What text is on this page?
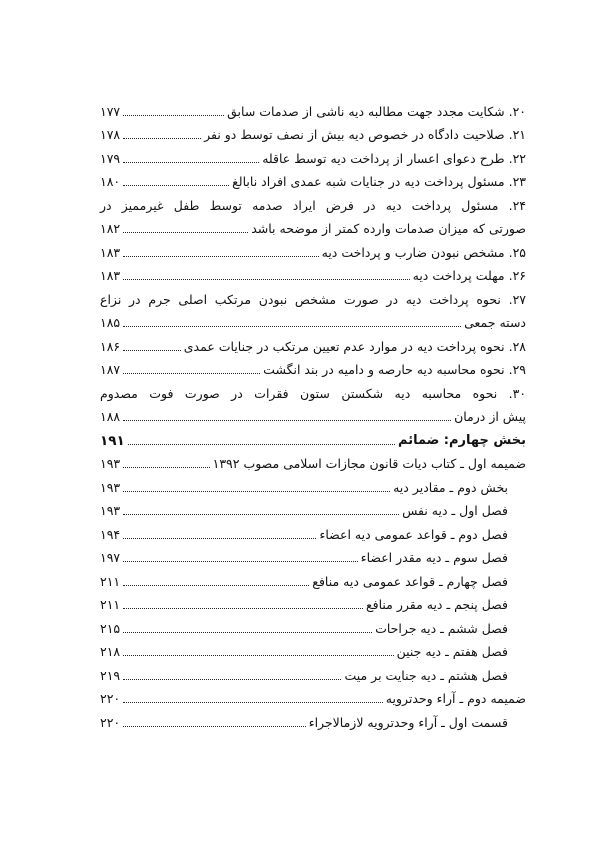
۲۰. شکایت مجدد جهت مطالبه دیه ناشی از صدمات سابق
۱۷۷
۲۱. صلاحیت دادگاه در خصوص دیه بیش از نصف توسط دو نفر
۱۷۸
۲۲. طرح دعوای اعسار از پرداخت دیه توسط عاقله
۱۷۹
۲۳. مسئول پرداخت دیه در جنایات شبه عمدی افراد نابالغ
۱۸۰
۲۴. مسئول پرداخت دیه در فرض ایراد صدمه توسط طفل غیرممیز در
صورتی که میزان صدمات وارده کمتر از موضحه باشد
۱۸۲
۲۵. مشخص نبودن ضارب و پرداخت دیه
۱۸۳
۲۶. مهلت پرداخت دیه
۱۸۳
۲۷. نحوه پرداخت دیه در صورت مشخص نبودن مرتکب اصلی جرم در نزاع
دسته جمعی
۱۸۵
۲۸. نحوه پرداخت دیه در موارد عدم تعیین مرتکب در جنایات عمدی
۱۸۶
۲۹. نحوه محاسبه دیه حارصه و دامیه در بند انگشت
۱۸۷
۳۰. نحوه محاسبه دیه شکستن ستون فقرات در صورت فوت مصدوم
پیش از درمان
۱۸۸
بخش چهارم: ضمائم
۱۹۱
ضمیمه اول ـ کتاب دیات قانون مجازات اسلامی مصوب ۱۳۹۲
۱۹۳
بخش دوم ـ مقادیر دیه
۱۹۳
فصل اول ـ دیه نفس
۱۹۳
فصل دوم ـ قواعد عمومی دیه اعضاء
۱۹۴
فصل سوم ـ دیه مقدر اعضاء
۱۹۷
فصل چهارم ـ قواعد عمومی دیه منافع
۲۱۱
فصل پنجم ـ دیه مقرر منافع
۲۱۱
فصل ششم ـ دیه جراحات
۲۱۵
فصل هفتم ـ دیه جنین
۲۱۸
فصل هشتم ـ دیه جنایت بر میت
۲۱۹
ضمیمه دوم ـ آراء وحدترویه
۲۲۰
قسمت اول ـ آراء وحدترویه لازمالاجراء
۲۲۰
